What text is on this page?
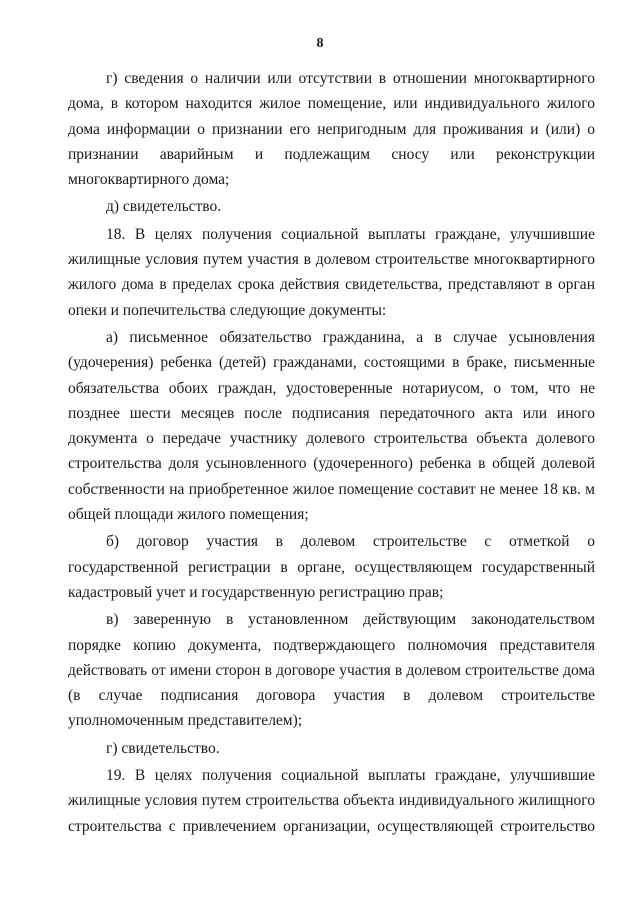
8

г) сведения о наличии или отсутствии в отношении многоквартирного дома, в котором находится жилое помещение, или индивидуального жилого дома информации о признании его непригодным для проживания и (или) о признании аварийным и подлежащим сносу или реконструкции многоквартирного дома;

д) свидетельство.

18. В целях получения социальной выплаты граждане, улучшившие жилищные условия путем участия в долевом строительстве многоквартирного жилого дома в пределах срока действия свидетельства, представляют в орган опеки и попечительства следующие документы:

а) письменное обязательство гражданина, а в случае усыновления (удочерения) ребенка (детей) гражданами, состоящими в браке, письменные обязательства обоих граждан, удостоверенные нотариусом, о том, что не позднее шести месяцев после подписания передаточного акта или иного документа о передаче участнику долевого строительства объекта долевого строительства доля усыновленного (удочеренного) ребенка в общей долевой собственности на приобретенное жилое помещение составит не менее 18 кв. м общей площади жилого помещения;

б) договор участия в долевом строительстве с отметкой о государственной регистрации в органе, осуществляющем государственный кадастровый учет и государственную регистрацию прав;

в) заверенную в установленном действующим законодательством порядке копию документа, подтверждающего полномочия представителя действовать от имени сторон в договоре участия в долевом строительстве дома (в случае подписания договора участия в долевом строительстве уполномоченным представителем);

г) свидетельство.

19. В целях получения социальной выплаты граждане, улучшившие жилищные условия путем строительства объекта индивидуального жилищного строительства с привлечением организации, осуществляющей строительство
